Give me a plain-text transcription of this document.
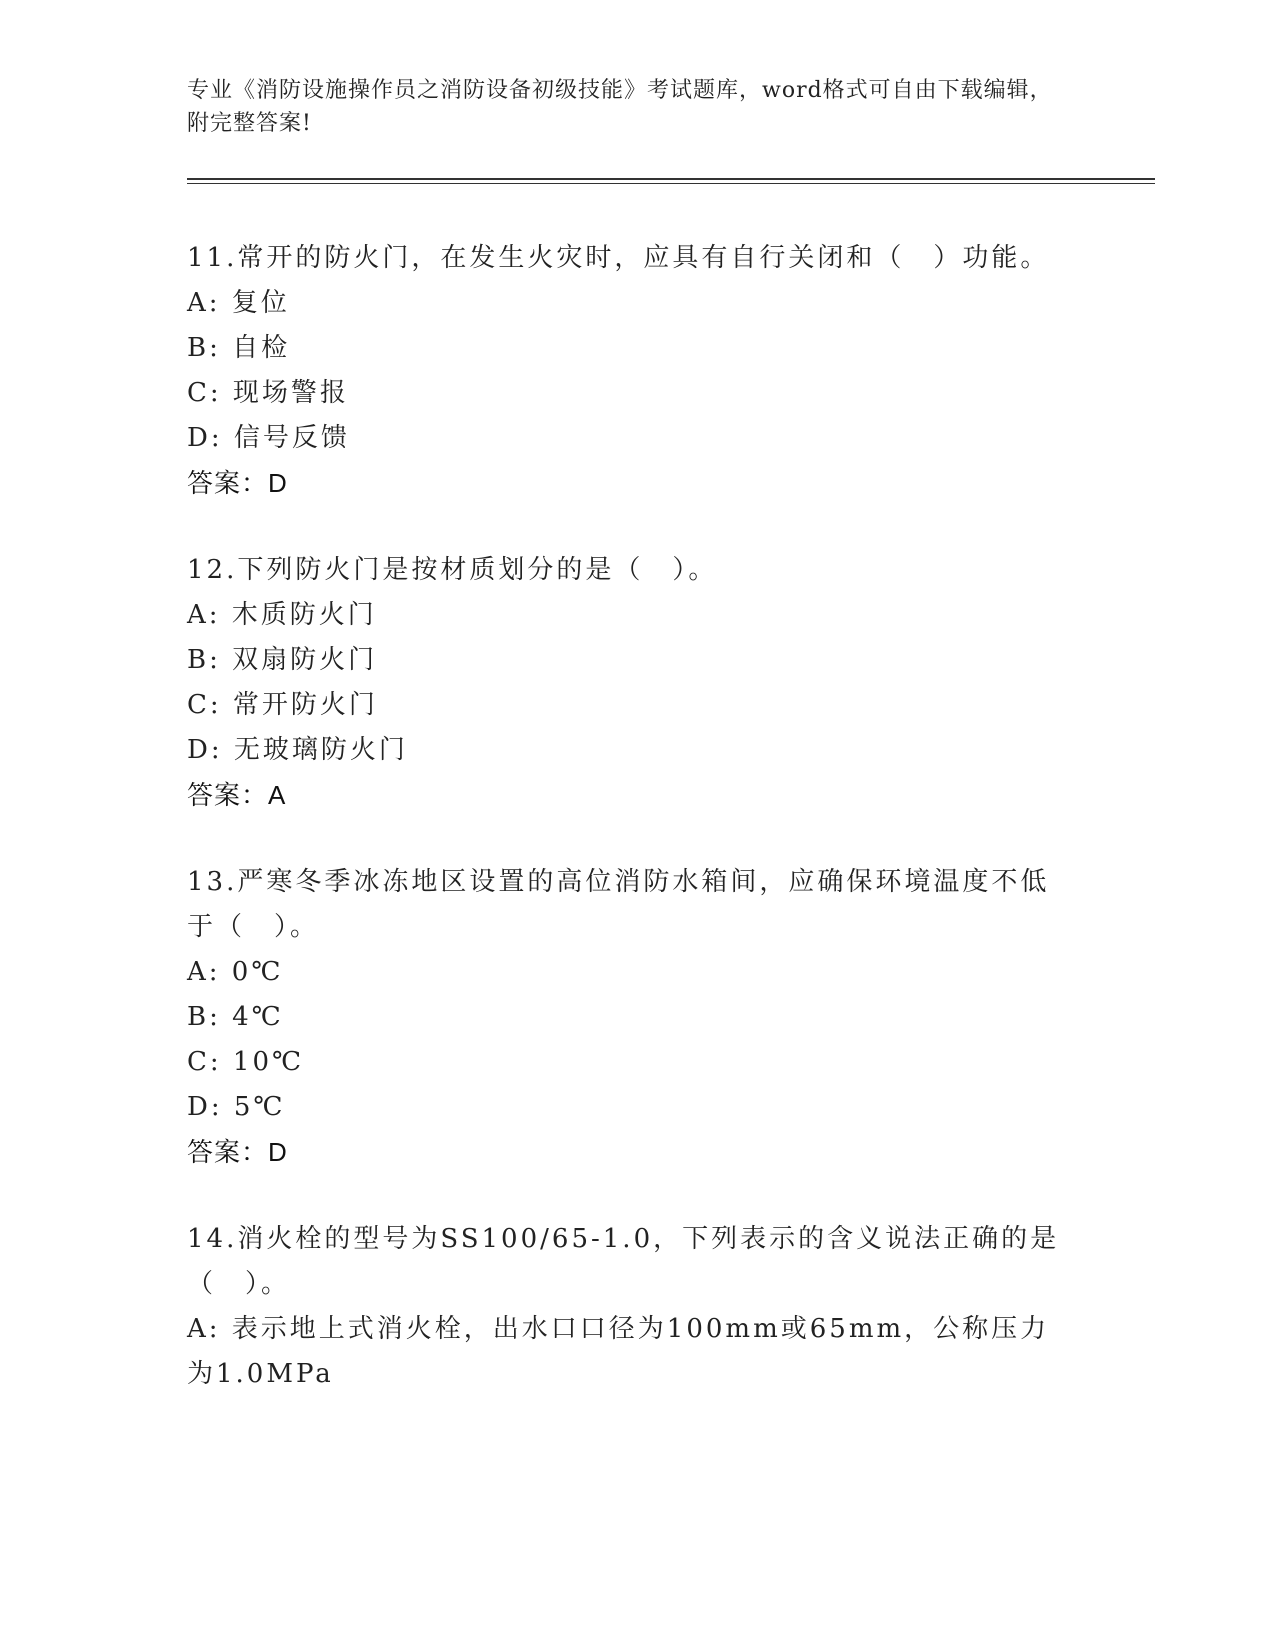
专业《消防设施操作员之消防设备初级技能》考试题库，word格式可自由下载编辑，附完整答案!
11.常开的防火门，在发生火灾时，应具有自行关闭和（　）功能。
A: 复位
B: 自检
C: 现场警报
D: 信号反馈
答案：D
12.下列防火门是按材质划分的是（　）。
A: 木质防火门
B: 双扇防火门
C: 常开防火门
D: 无玻璃防火门
答案：A
13.严寒冬季冰冻地区设置的高位消防水箱间，应确保环境温度不低于（　）。
A: 0℃
B: 4℃
C: 10℃
D: 5℃
答案：D
14.消火栓的型号为SS100/65-1.0，下列表示的含义说法正确的是（　）。
A: 表示地上式消火栓，出水口口径为100mm或65mm，公称压力为1.0MPa
